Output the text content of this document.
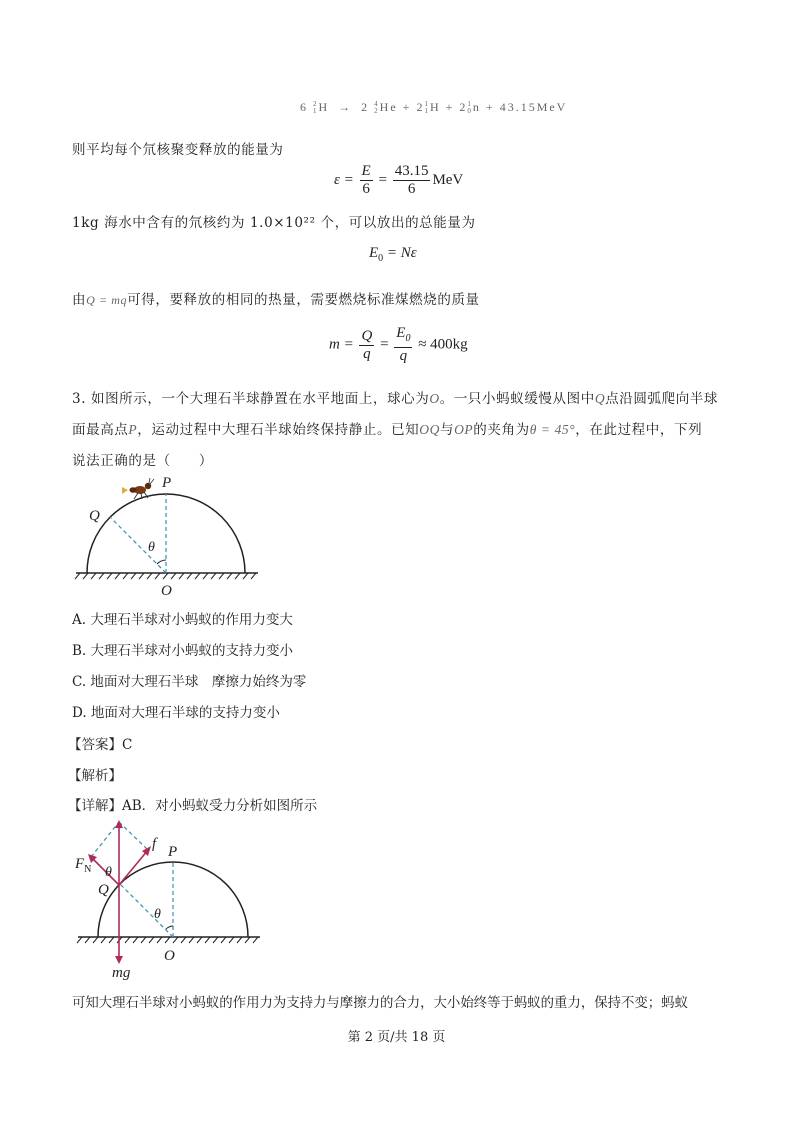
6 2
1H → 2 4
2He + 21
1H + 21
0n + 43.15MeV
则平均每个氘核聚变释放的能量为
$\varepsilon = \frac{E}{6} = \frac{43.15}{6}$ MeV
1kg 海水中含有的氘核约为 1.0×10²² 个，可以放出的总能量为
$E_0 = N\varepsilon$
由Q = mq可得，要释放的相同的热量，需要燃烧标准煤燃烧的质量
$m = \frac{Q}{q} = \frac{E_0}{q} \approx 400kg$
3. 如图所示，一个大理石半球静置在水平地面上，球心为O。一只小蚂蚁缓慢从图中Q点沿圆弧爬向半球
面最高点P，运动过程中大理石半球始终保持静止。已知OQ与OP的夹角为θ = 45°，在此过程中，下列
说法正确的是（　　）
P
Q
O
θ
A. 大理石半球对小蚂蚁的作用力变大
B. 大理石半球对小蚂蚁的支持力变小
C. 地面对大理石半球　摩擦力始终为零
D. 地面对大理石半球的支持力变小
【答案】C
【解析】
【详解】AB．对小蚂蚁受力分析如图所示
P
Q
O
θ
θ
f
$F_N$
mg
可知大理石半球对小蚂蚁的作用力为支持力与摩擦力的合力，大小始终等于蚂蚁的重力，保持不变；蚂蚁
第 2 页/共 18 页
